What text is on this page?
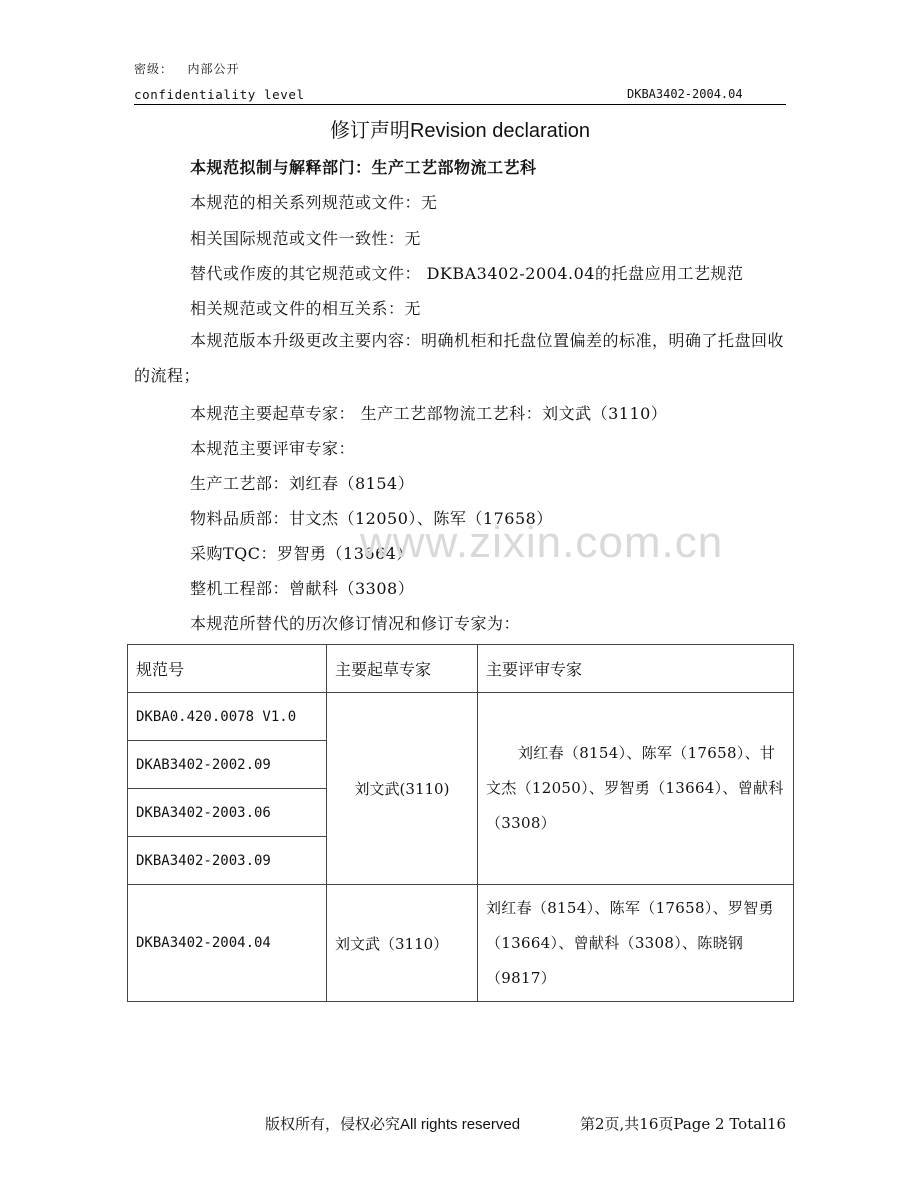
密级： 内部公开
confidentiality level	DKBA3402-2004.04
修订声明Revision declaration
本规范拟制与解释部门：生产工艺部物流工艺科
本规范的相关系列规范或文件：无
相关国际规范或文件一致性：无
替代或作废的其它规范或文件： DKBA3402-2004.04的托盘应用工艺规范
相关规范或文件的相互关系：无
本规范版本升级更改主要内容：明确机柜和托盘位置偏差的标准，明确了托盘回收的流程；
本规范主要起草专家： 生产工艺部物流工艺科：刘文武（3110）
本规范主要评审专家：
生产工艺部：刘红春（8154）
物料品质部：甘文杰（12050）、陈军（17658）
采购TQC：罗智勇（13664）
整机工程部：曾献科（3308）
本规范所替代的历次修订情况和修订专家为：
www.zixin.com.cn
规范号	主要起草专家	主要评审专家
DKBA0.420.0078 V1.0	刘文武(3110)	刘红春（8154）、陈军（17658）、甘文杰（12050）、罗智勇（13664）、曾献科（3308）
DKAB3402-2002.09		
DKBA3402-2003.06		
DKBA3402-2003.09		
DKBA3402-2004.04	刘文武（3110）	刘红春（8154）、陈军（17658）、罗智勇（13664）、曾献科（3308）、陈晓钢（9817）
版权所有，侵权必究All rights reserved	第2页,共16页Page 2 Total16
